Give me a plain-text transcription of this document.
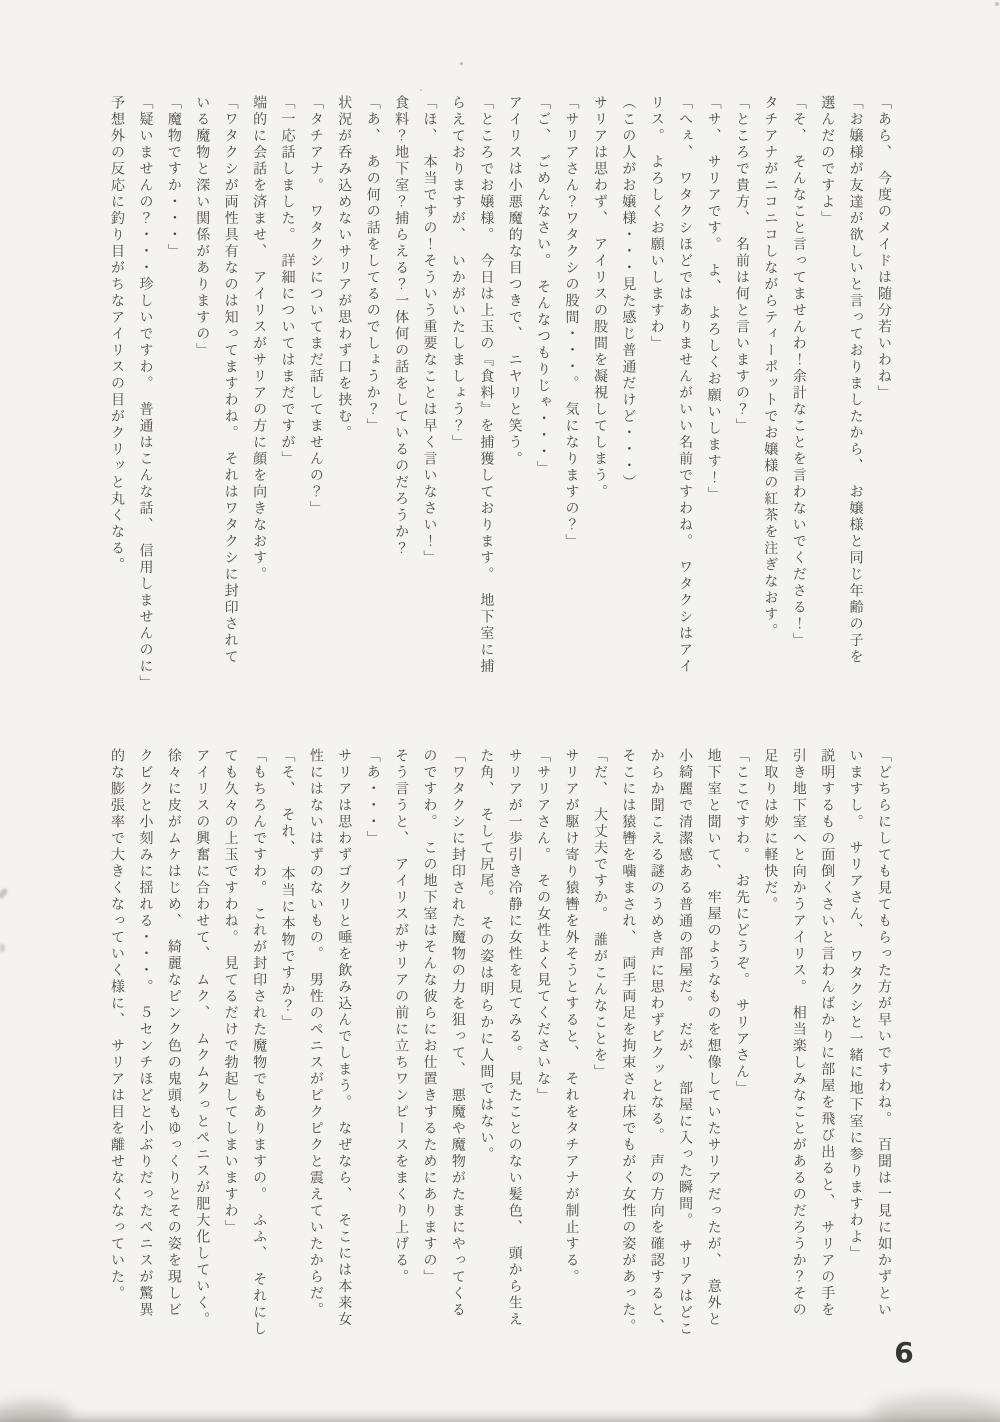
「あら、　今度のメイドは随分若いわね」

「お嬢様が友達が欲しいと言っておりましたから、　お嬢様と同じ年齢の子を

選んだのですよ」

「そ、　そんなこと言ってませんわ！余計なことを言わないでくださる！」

タチアナがニコニコしながらティーポットでお嬢様の紅茶を注ぎなおす。

「ところで貴方、　名前は何と言いますの？」

「サ、　サリアです。　よ、　よろしくお願いします！」

「へぇ、　ワタクシほどではありませんがいい名前ですわね。　ワタクシはアイ

リス。　よろしくお願いしますわ」

（この人がお嬢様・・・見た感じ普通だけど・・・）

サリアは思わず、　アイリスの股間を凝視してしまう。

「サリアさん？ワタクシの股間・・・。　気になりますの？」

「ご、　ごめんなさい。　そんなつもりじゃ・・・」

アイリスは小悪魔的な目つきで、　ニヤリと笑う。

「ところでお嬢様。　今日は上玉の『食料』を捕獲しております。　地下室に捕

らえておりますが、　いかがいたしましょう？」

「ほ、　本当ですの！そういう重要なことは早く言いなさい！」

食料？地下室？捕らえる？一体何の話をしているのだろうか？

「あ、　あの何の話をしてるのでしょうか？」

状況が呑み込めないサリアが思わず口を挟む。

「タチアナ。　ワタクシについてまだ話してませんの？」

「一応話しました。　詳細についてはまだですが」

端的に会話を済ませ、　アイリスがサリアの方に顔を向きなおす。

「ワタクシが両性具有なのは知ってますわね。　それはワタクシに封印されて

いる魔物と深い関係がありますの」

「魔物ですか・・・」

「疑いませんの？・・・珍しいですわ。　普通はこんな話、　信用しませんのに」

予想外の反応に釣り目がちなアイリスの目がクリッと丸くなる。

「どちらにしても見てもらった方が早いですわね。　百聞は一見に如かずとい

いますし。　サリアさん、　ワタクシと一緒に地下室に参りますわよ」

説明するもの面倒くさいと言わんばかりに部屋を飛び出ると、　サリアの手を

引き地下室へと向かうアイリス。　相当楽しみなことがあるのだろうか？その

足取りは妙に軽快だ。

「ここですわ。　お先にどうぞ。　サリアさん」

地下室と聞いて、　牢屋のようなものを想像していたサリアだったが、　意外と

小綺麗で清潔感ある普通の部屋だ。　だが、　部屋に入った瞬間。　サリアはどこ

からか聞こえる謎のうめき声に思わずビクッとなる。　声の方向を確認すると、

そこには猿轡を噛まされ、　両手両足を拘束され床でもがく女性の姿があった。

「だ、　大丈夫ですか。　誰がこんなことを」

サリアが駆け寄り猿轡を外そうとすると、　それをタチアナが制止する。

「サリアさん。　その女性よく見てくださいな」

サリアが一歩引き冷静に女性を見てみる。　見たことのない髪色、　頭から生え

た角、　そして尻尾。　その姿は明らかに人間ではない。

「ワタクシに封印された魔物の力を狙って、　悪魔や魔物がたまにやってくる

のですわ。　この地下室はそんな彼らにお仕置きするためにありますの」

そう言うと、　アイリスがサリアの前に立ちワンピースをまくり上げる。

「あ・・・」

サリアは思わずゴクリと唾を飲み込んでしまう。　なぜなら、　そこには本来女

性にはないはずのないもの。　男性のペニスがピクピクと震えていたからだ。

「そ、　それ、　本当に本物ですか？」

「もちろんですわ。　これが封印された魔物でもありますの。　ふふ、　それにし

ても久々の上玉ですわね。　見てるだけで勃起してしまいますわ」

アイリスの興奮に合わせて、　ムク、　ムクムクっとペニスが肥大化していく。

徐々に皮がムケはじめ、　綺麗なピンク色の鬼頭もゆっくりとその姿を現しビ

クビクと小刻みに揺れる・・・。　５センチほどと小ぶりだったペニスが驚異

的な膨張率で大きくなっていく様に、　サリアは目を離せなくなっていた。

6
